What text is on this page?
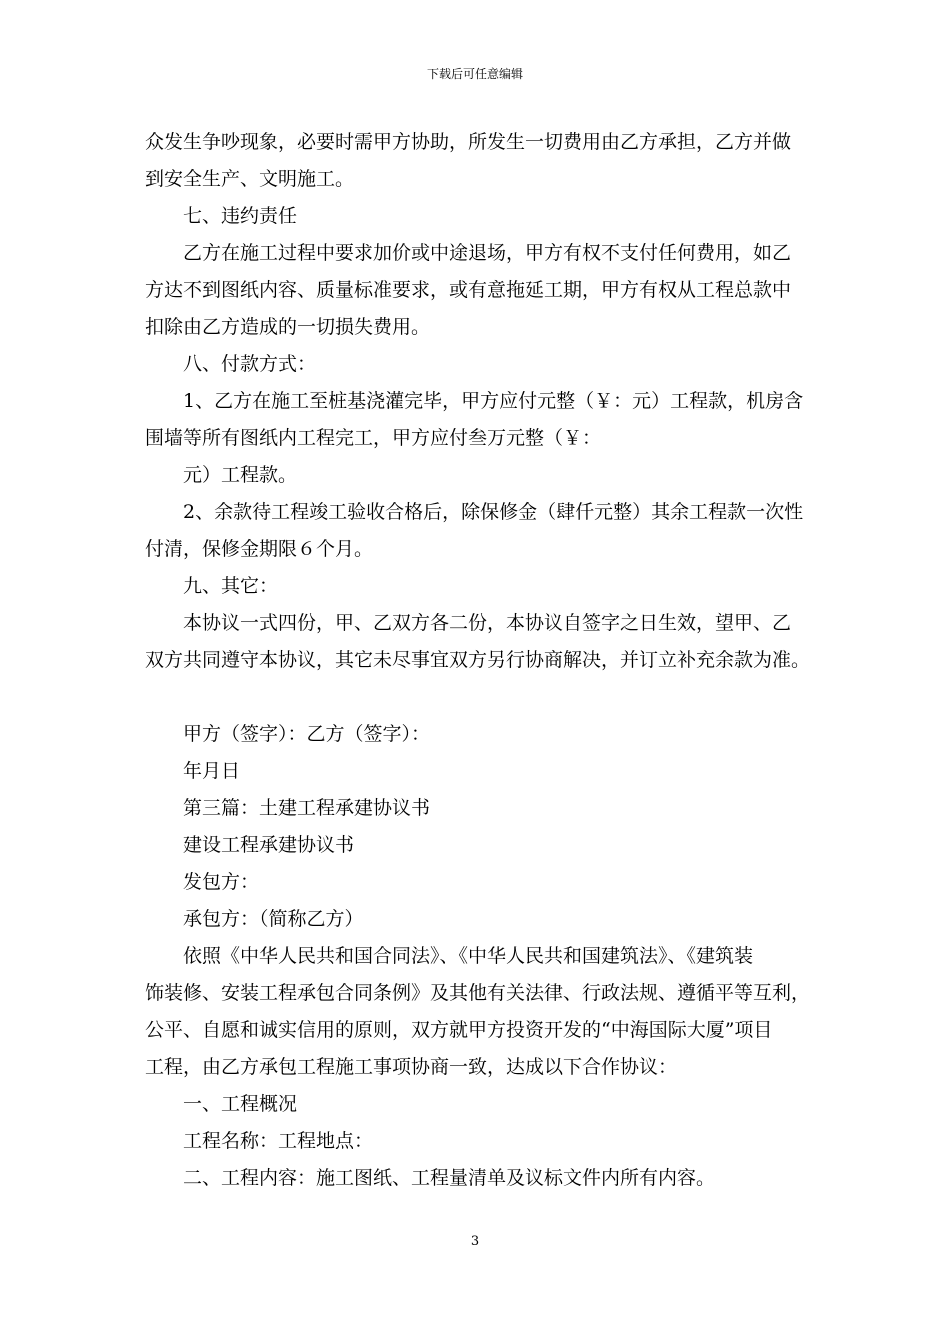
下载后可任意编辑
众发生争吵现象，必要时需甲方协助，所发生一切费用由乙方承担，乙方并做
到安全生产、文明施工。
七、违约责任
乙方在施工过程中要求加价或中途退场，甲方有权不支付任何费用，如乙
方达不到图纸内容、质量标准要求，或有意拖延工期，甲方有权从工程总款中
扣除由乙方造成的一切损失费用。
八、付款方式：
1、乙方在施工至桩基浇灌完毕，甲方应付元整（￥：元）工程款，机房含
围墙等所有图纸内工程完工，甲方应付叁万元整（￥：
元）工程款。
2、余款待工程竣工验收合格后，除保修金（肆仟元整）其余工程款一次性
付清，保修金期限６个月。
九、其它：
本协议一式四份，甲、乙双方各二份，本协议自签字之日生效，望甲、乙
双方共同遵守本协议，其它未尽事宜双方另行协商解决，并订立补充余款为准。
甲方（签字）：乙方（签字）：
年月日
第三篇：土建工程承建协议书
建设工程承建协议书
发包方：
承包方：（简称乙方）
依照《中华人民共和国合同法》、《中华人民共和国建筑法》、《建筑装
饰装修、安装工程承包合同条例》及其他有关法律、行政法规、遵循平等互利，
公平、自愿和诚实信用的原则，双方就甲方投资开发的“中海国际大厦”项目
工程，由乙方承包工程施工事项协商一致，达成以下合作协议：
一、工程概况
工程名称：工程地点：
二、工程内容：施工图纸、工程量清单及议标文件内所有内容。
3
